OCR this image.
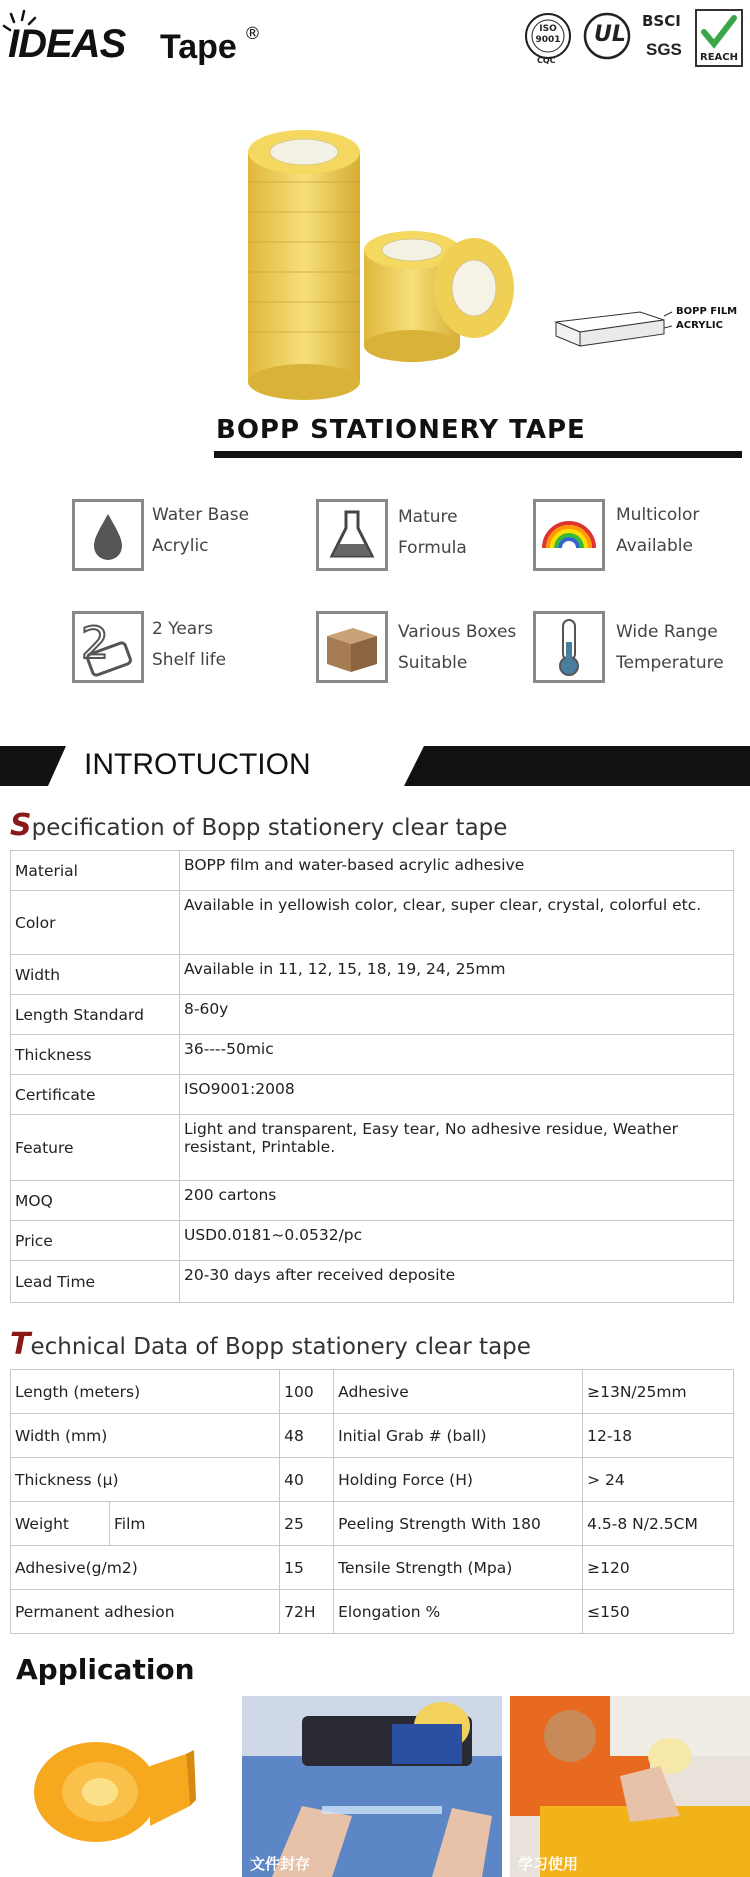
IDEAS Tape ®	ISO 9001
CQC
UL
BSCI
SGS REACH
BOPP FILM
ACRYLIC
BOPP STATIONERY TAPE
Water Base
Acrylic
Mature
Formula
Multicolor
Available
2	2 Years
Shelf life
Various Boxes
Suitable
Wide Range
Temperature
INTROTUCTION
Specification of Bopp stationery clear tape
Material	BOPP film and water-based acrylic adhesive
Color	Available in yellowish color, clear, super clear, crystal, colorful etc.
Width	Available in 11, 12, 15, 18, 19, 24, 25mm
Length Standard	8-60y
Thickness	36----50mic
Certificate	ISO9001:2008
Feature	Light and transparent, Easy tear, No adhesive residue, Weather resistant, Printable.
MOQ	200 cartons
Price	USD0.0181~0.0532/pc
Lead Time	20-30 days after received deposite
Technical Data of Bopp stationery clear tape
Length (meters)		100	Adhesive	≥13N/25mm
Width (mm)		48	Initial Grab # (ball)	12-18
Thickness (μ)		40	Holding Force (H)	> 24
Weight	Film	25	Peeling Strength With 180	4.5-8 N/2.5CM
Adhesive(g/m2)		15	Tensile Strength (Mpa)	≥120
Permanent adhesion		72H	Elongation %	≤150
Application
文件封存	学习使用
